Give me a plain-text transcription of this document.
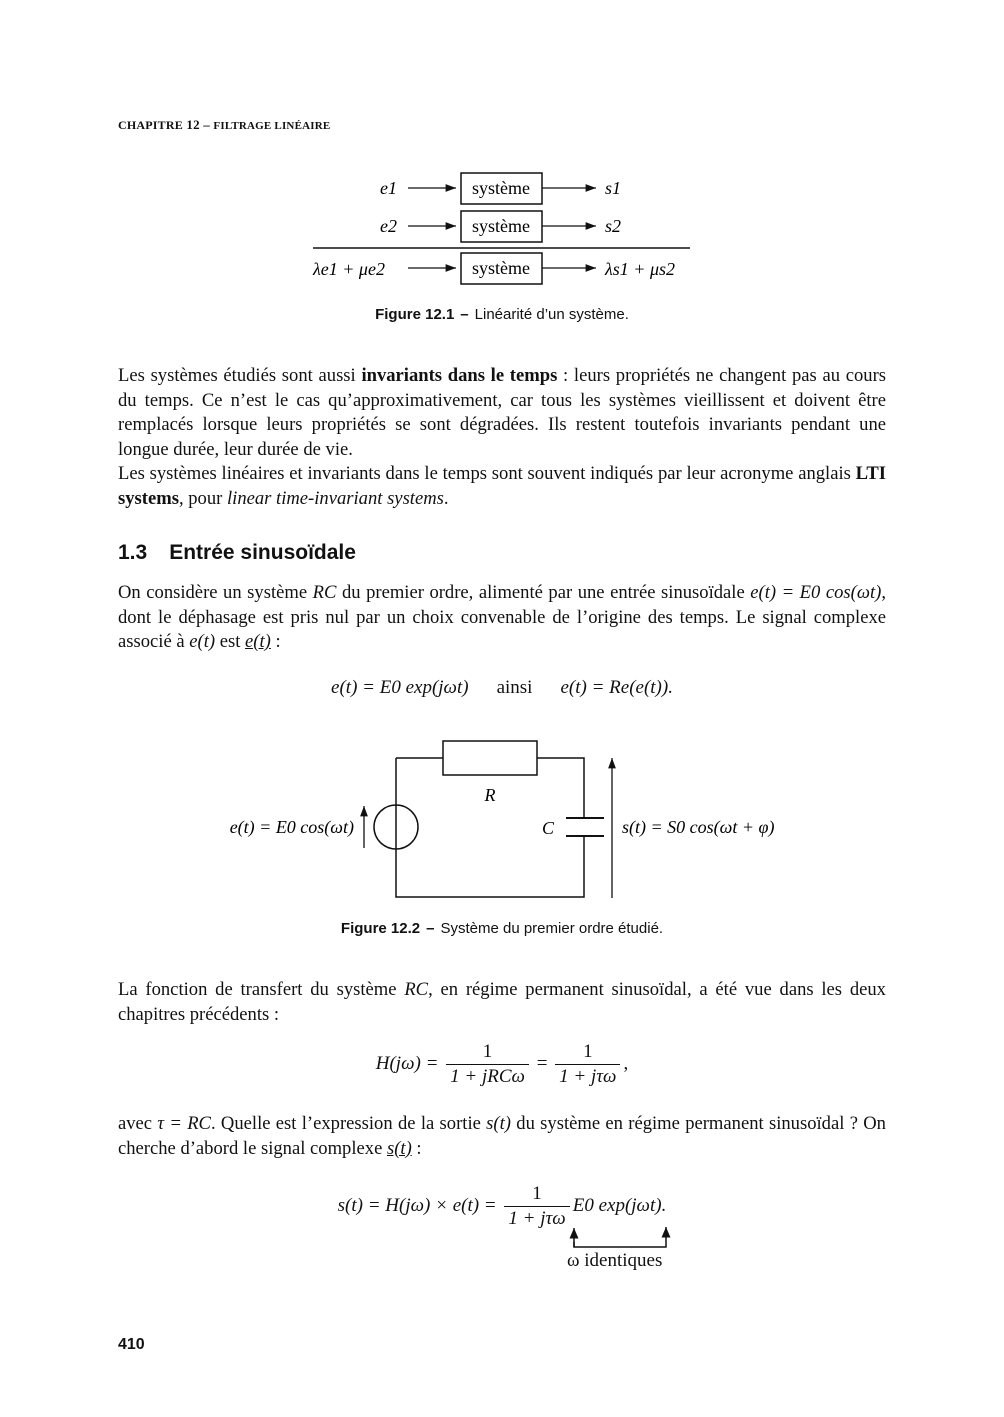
CHAPITRE 12 – FILTRAGE LINÉAIRE
e1	système	s1
e2	système	s2
λe1 + μe2	système	λs1 + μs2
Figure 12.1 – Linéarité d’un système.

Les systèmes étudiés sont aussi invariants dans le temps : leurs propriétés ne changent pas au cours du temps. Ce n’est le cas qu’approximativement, car tous les systèmes vieillissent et doivent être remplacés lorsque leurs propriétés se sont dégradées. Ils restent toutefois invariants pendant une longue durée, leur durée de vie.

Les systèmes linéaires et invariants dans le temps sont souvent indiqués par leur acronyme anglais LTI systems, pour linear time-invariant systems.

1.3 Entrée sinusoïdale

On considère un système RC du premier ordre, alimenté par une entrée sinusoïdale e(t) = E0 cos(ωt), dont le déphasage est pris nul par un choix convenable de l’origine des temps. Le signal complexe associé à e(t) est e(t) :

e(t) = E0 exp(jωt) ainsi e(t) = Re(e(t)).
R
C
e(t) = E0 cos(ωt)	s(t) = S0 cos(ωt + φ)
Figure 12.2 – Système du premier ordre étudié.

La fonction de transfert du système RC, en régime permanent sinusoïdal, a été vue dans les deux chapitres précédents :

$H(j\omega) = \frac{1}{\text{1 + jRCω}} = \frac{1}{\text{1 + jτω}}$ ,

avec τ = RC. Quelle est l’expression de la sortie s(t) du système en régime permanent sinusoïdal ? On cherche d’abord le signal complexe s(t) :

$s(t) = H(j\omega) \times e(t) = \frac{1}{\text{1 + jτω}} E0$ exp(jωt).
ω identiques
410
